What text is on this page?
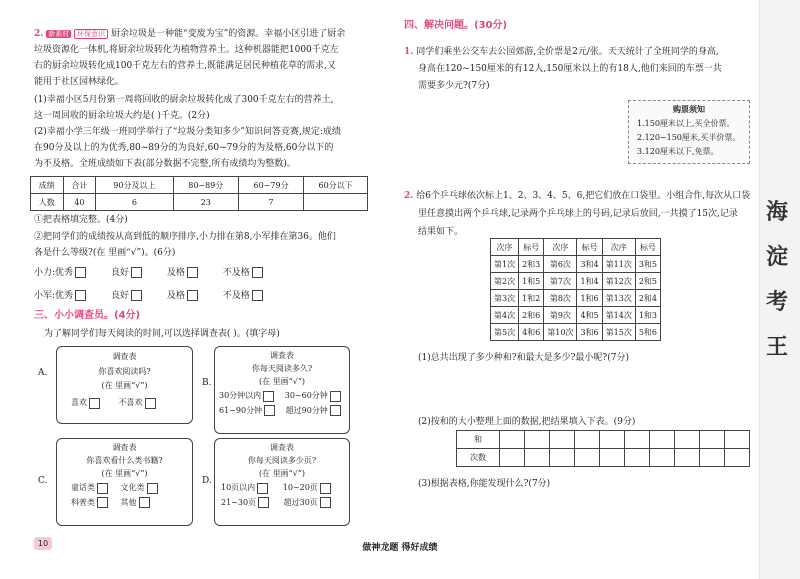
2. 新素材 环保意识 厨余垃圾是一种能“变废为宝”的资源。幸福小区引进了厨余
垃圾资源化一体机,将厨余垃圾转化为植物营养土。这种机器能把1000千克左
右的厨余垃圾转化成100千克左右的营养土,既能满足居民种植花草的需求,又
能用于社区园林绿化。
(1)幸福小区5月份第一周将回收的厨余垃圾转化成了300千克左右的营养土,
这一周回收的厨余垃圾大约是( )千克。(2分)
(2)幸福小学三年级一班同学举行了“垃圾分类知多少”知识问答竞赛,规定:成绩
在90分及以上的为优秀,80~89分的为良好,60~79分的为及格,60分以下的
为不及格。全班成绩如下表(部分数据不完整,所有成绩均为整数)。
成绩	合计	90分及以上	80~89分	60~79分	60分以下
人数	40	6	23	7	
①把表格填完整。(4分)
②把同学们的成绩按从高到低的顺序排序,小力排在第8,小军排在第36。他们
各是什么等级?(在 里画“√”)。(6分)
小力:优秀	良好	及格	不及格
小军:优秀	良好	及格	不及格
三、小小调查员。(4分)
为了解同学们每天阅读的时间,可以选择调查表( )。(填字母)
A.
调查表
你喜欢阅读吗?
(在 里画“√”)
喜欢	不喜欢
B.
调查表
你每天阅读多久?
(在 里画“√”)
30分钟以内	30~60分钟
61~90分钟	超过90分钟
C.
调查表
你喜欢看什么类书籍?
(在 里画“√”)
童话类	文化类
科普类	其他
D.
调查表
你每天阅读多少页?
(在 里画“√”)
10页以内	10~20页
21~30页	超过30页
10	做神龙题 得好成绩
四、解决问题。(30分)
1. 同学们乘坐公交车去公园郊游,全价票是2元/张。天天统计了全班同学的身高,
身高在120~150厘米的有12人,150厘米以上的有18人,他们来回的车票一共
需要多少元?(7分)
购票须知
1.150厘米以上,买全价票。
2.120~150厘米,买半价票。
3.120厘米以下,免票。
2. 给6个乒乓球依次标上1、2、3、4、5、6,把它们放在口袋里。小组合作,每次从口袋
里任意摸出两个乒乓球,记录两个乒乓球上的号码,记录后放回,一共摸了15次,记录
结果如下。
次序	标号	次序	标号	次序	标号
第1次	2和3	第6次	3和4	第11次	3和5
第2次	1和5	第7次	1和4	第12次	2和5
第3次	1和2	第8次	1和6	第13次	2和4
第4次	2和6	第9次	4和5	第14次	1和3
第5次	4和6	第10次	3和6	第15次	5和6
(1)总共出现了多少种和?和最大是多少?最小呢?(7分)
(2)按和的大小整理上面的数据,把结果填入下表。(9分)
和										
次数										
(3)根据表格,你能发现什么?(7分)
海
淀
考
王
